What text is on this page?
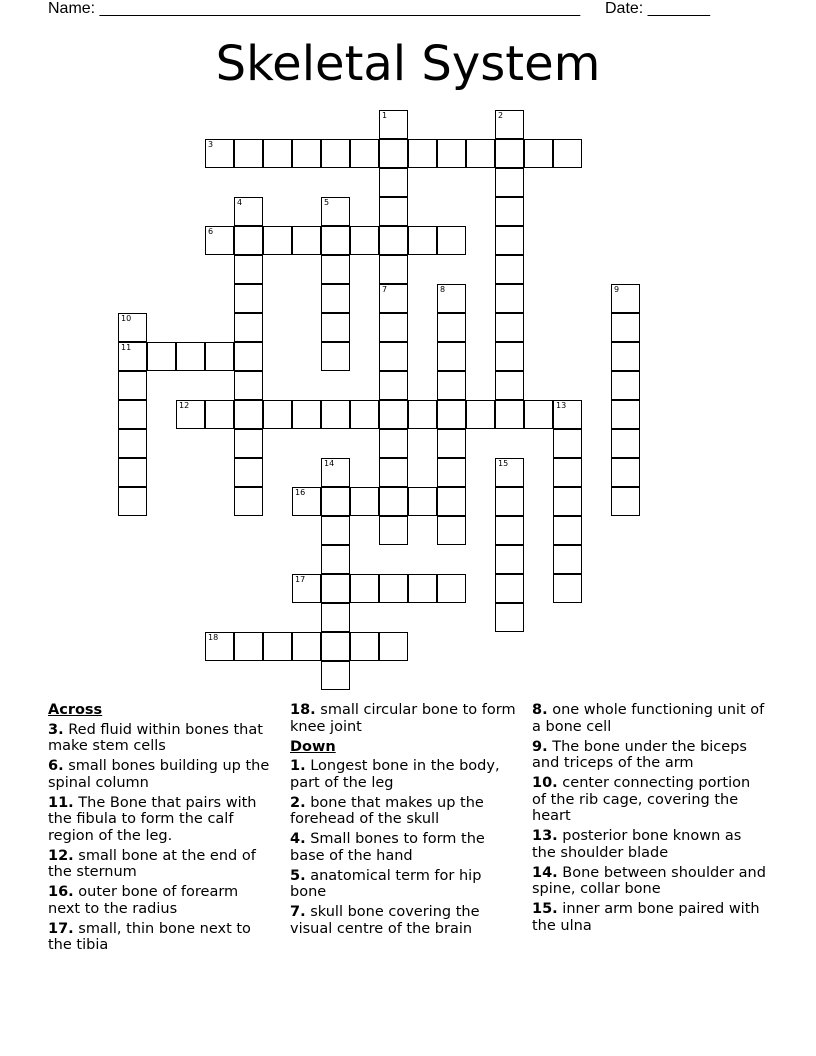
Name: ______________________________________________________ Date: _______
Skeletal System
3
6
11
12	13
16
17
18
1	2
4	5
7	8	9
10
14	15
Across
3. Red fluid within bones that make stem cells
6. small bones building up the spinal column
11. The Bone that pairs with the fibula to form the calf region of the leg.
12. small bone at the end of the sternum
16. outer bone of forearm next to the radius
17. small, thin bone next to the tibia
18. small circular bone to form knee joint
Down
1. Longest bone in the body, part of the leg
2. bone that makes up the forehead of the skull
4. Small bones to form the base of the hand
5. anatomical term for hip bone
7. skull bone covering the visual centre of the brain
8. one whole functioning unit of a bone cell
9. The bone under the biceps and triceps of the arm
10. center connecting portion of the rib cage, covering the heart
13. posterior bone known as the shoulder blade
14. Bone between shoulder and spine, collar bone
15. inner arm bone paired with the ulna
